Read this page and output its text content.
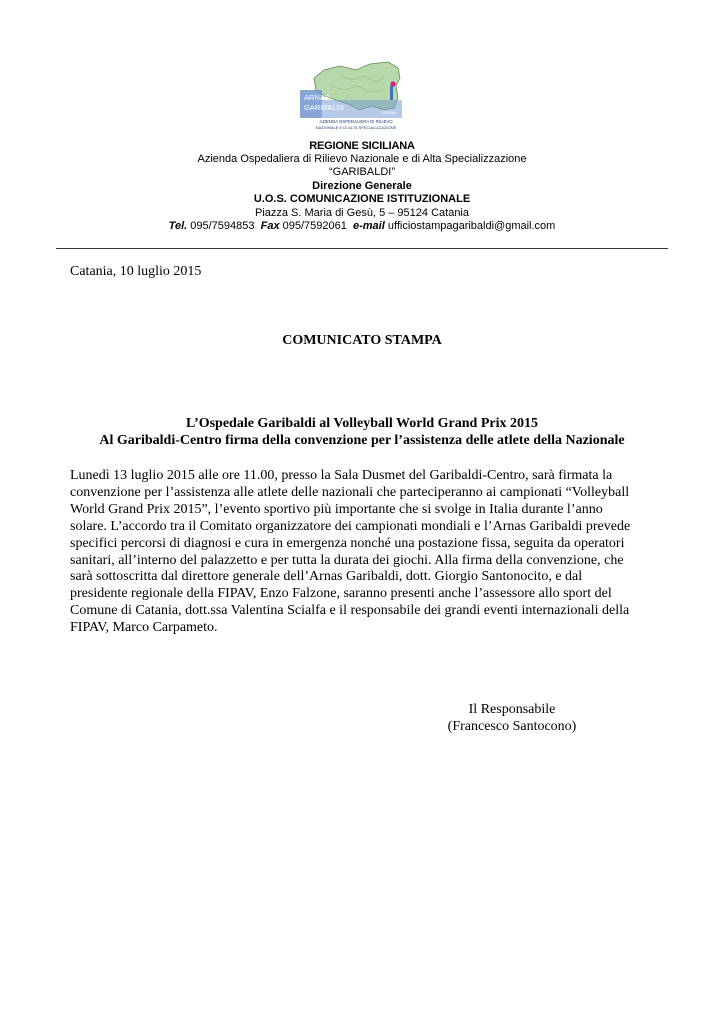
ARNAS
GARIBALDI
CATANIA
AZIENDA OSPEDALIERA DI RILIEVO
NAZIONALE E DI ALTA SPECIALIZZAZIONE
REGIONE SICILIANA
Azienda Ospedaliera di Rilievo Nazionale e di Alta Specializzazione
“GARIBALDI”
Direzione Generale
U.O.S. COMUNICAZIONE ISTITUZIONALE
Piazza S. Maria di Gesù, 5 – 95124 Catania
Tel. 095/7594853 Fax 095/7592061 e-mail ufficiostampagaribaldi@gmail.com
Catania, 10 luglio 2015
COMUNICATO STAMPA
L’Ospedale Garibaldi al Volleyball World Grand Prix 2015
Al Garibaldi-Centro firma della convenzione per l’assistenza delle atlete della Nazionale
Lunedì 13 luglio 2015 alle ore 11.00, presso la Sala Dusmet del Garibaldi-Centro, sarà firmata la
convenzione per l’assistenza alle atlete delle nazionali che parteciperanno ai campionati “Volleyball
World Grand Prix 2015”, l’evento sportivo più importante che si svolge in Italia durante l’anno
solare. L’accordo tra il Comitato organizzatore dei campionati mondiali e l’Arnas Garibaldi prevede
specifici percorsi di diagnosi e cura in emergenza nonché una postazione fissa, seguita da operatori
sanitari, all’interno del palazzetto e per tutta la durata dei giochi. Alla firma della convenzione, che
sarà sottoscritta dal direttore generale dell’Arnas Garibaldi, dott. Giorgio Santonocito, e dal
presidente regionale della FIPAV, Enzo Falzone, saranno presenti anche l’assessore allo sport del
Comune di Catania, dott.ssa Valentina Scialfa e il responsabile dei grandi eventi internazionali della
FIPAV, Marco Carpameto.
Il Responsabile
(Francesco Santocono)
